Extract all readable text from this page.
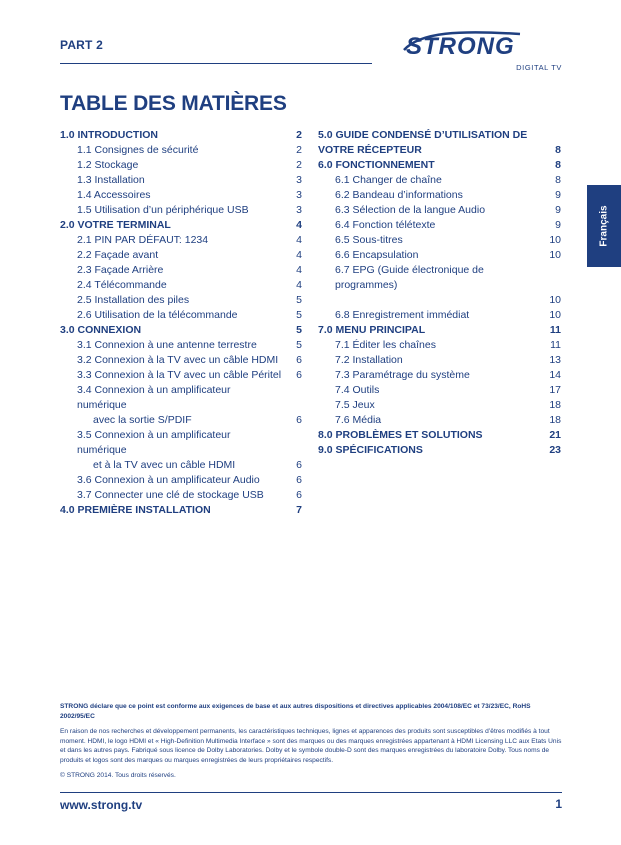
PART 2	STRONG
DIGITAL TV
TABLE DES MATIÈRES
1.0 INTRODUCTION	2
1.1 Consignes de sécurité	2
1.2 Stockage	2
1.3 Installation	3
1.4 Accessoires	3
1.5 Utilisation d’un périphérique USB	3
2.0 VOTRE TERMINAL	4
2.1 PIN PAR DÉFAUT: 1234	4
2.2 Façade avant	4
2.3 Façade Arrière	4
2.4 Télécommande	4
2.5 Installation des piles	5
2.6 Utilisation de la télécommande	5
3.0 CONNEXION	5
3.1 Connexion à une antenne terrestre	5
3.2 Connexion à la TV avec un câble HDMI	6
3.3 Connexion à la TV avec un câble Péritel	6
3.4 Connexion à un amplificateur numérique
avec la sortie S/PDIF	6
3.5 Connexion à un amplificateur numérique
et à la TV avec un câble HDMI	6
3.6 Connexion à un amplificateur Audio	6
3.7 Connecter une clé de stockage USB	6
4.0 PREMIÈRE INSTALLATION	7
5.0 GUIDE CONDENSÉ D’UTILISATION DE
VOTRE RÉCEPTEUR	8
6.0 FONCTIONNEMENT	8
6.1 Changer de chaîne	8
6.2 Bandeau d’informations	9
6.3 Sélection de la langue Audio	9
6.4 Fonction télétexte	9
6.5 Sous-titres	10
6.6 Encapsulation	10
6.7 EPG (Guide électronique de programmes)
10
6.8 Enregistrement immédiat	10
7.0 MENU PRINCIPAL	11
7.1 Éditer les chaînes	11
7.2 Installation	13
7.3 Paramétrage du système	14
7.4 Outils	17
7.5 Jeux	18
7.6 Média	18
8.0 PROBLÈMES ET SOLUTIONS	21
9.0 SPÉCIFICATIONS	23
Français

STRONG déclare que ce point est conforme aux exigences de base et aux autres dispositions et directives applicables 2004/108/EC et 73/23/EC, RoHS 2002/95/EC

En raison de nos recherches et développement permanents, les caractéristiques techniques, lignes et apparences des produits sont susceptibles d’êtres modifiés à tout moment. HDMI, le logo HDMI et « High-Definition Multimedia Interface » sont des marques ou des marques enregistrées appartenant à HDMI Licensing LLC aux Etats Unis et dans les autres pays. Fabriqué sous licence de Dolby Laboratories. Dolby et le symbole double-D sont des marques enregistrées du laboratoire Dolby. Tous noms de produits et logos sont des marques ou marques enregistrées de leurs propriétaires respectifs.

© STRONG 2014. Tous droits réservés.

www.strong.tv	1
